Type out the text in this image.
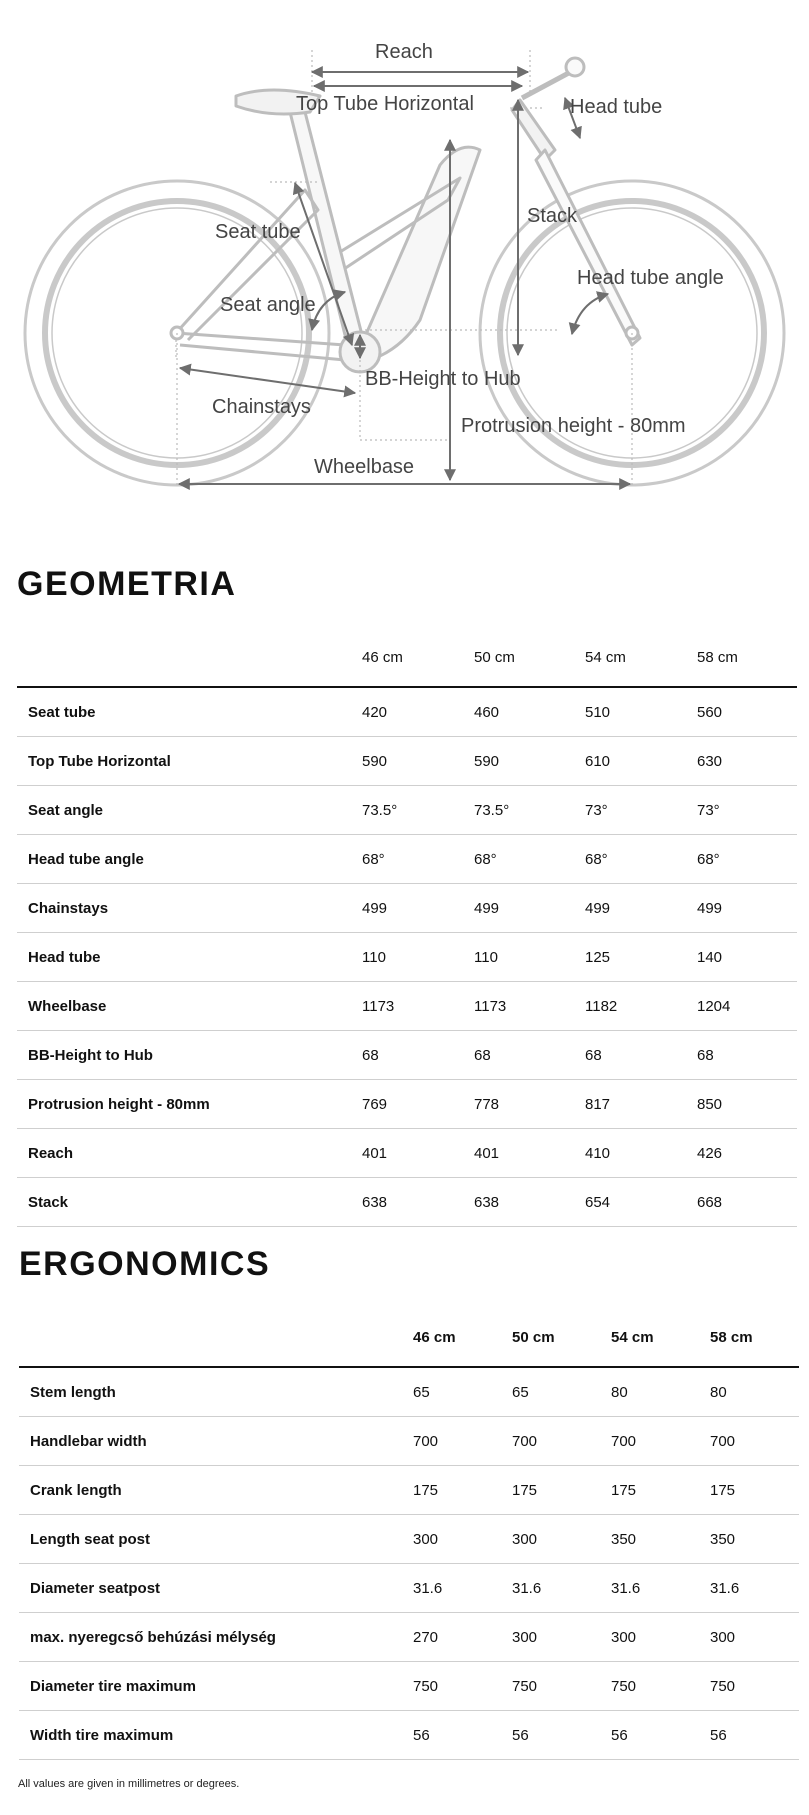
Reach
Top Tube Horizontal	Head tube
Stack
Seat tube
Head tube angle
Seat angle
BB-Height to Hub
Chainstays
Protrusion height - 80mm
Wheelbase
GEOMETRIA
	46 cm	50 cm	54 cm	58 cm
Seat tube	420	460	510	560
Top Tube Horizontal	590	590	610	630
Seat angle	73.5°	73.5°	73°	73°
Head tube angle	68°	68°	68°	68°
Chainstays	499	499	499	499
Head tube	110	110	125	140
Wheelbase	1173	1173	1182	1204
BB-Height to Hub	68	68	68	68
Protrusion height - 80mm	769	778	817	850
Reach	401	401	410	426
Stack	638	638	654	668
ERGONOMICS
	46 cm	50 cm	54 cm	58 cm
Stem length	65	65	80	80
Handlebar width	700	700	700	700
Crank length	175	175	175	175
Length seat post	300	300	350	350
Diameter seatpost	31.6	31.6	31.6	31.6
max. nyeregcső behúzási mélység	270	300	300	300
Diameter tire maximum	750	750	750	750
Width tire maximum	56	56	56	56
All values are given in millimetres or degrees.
